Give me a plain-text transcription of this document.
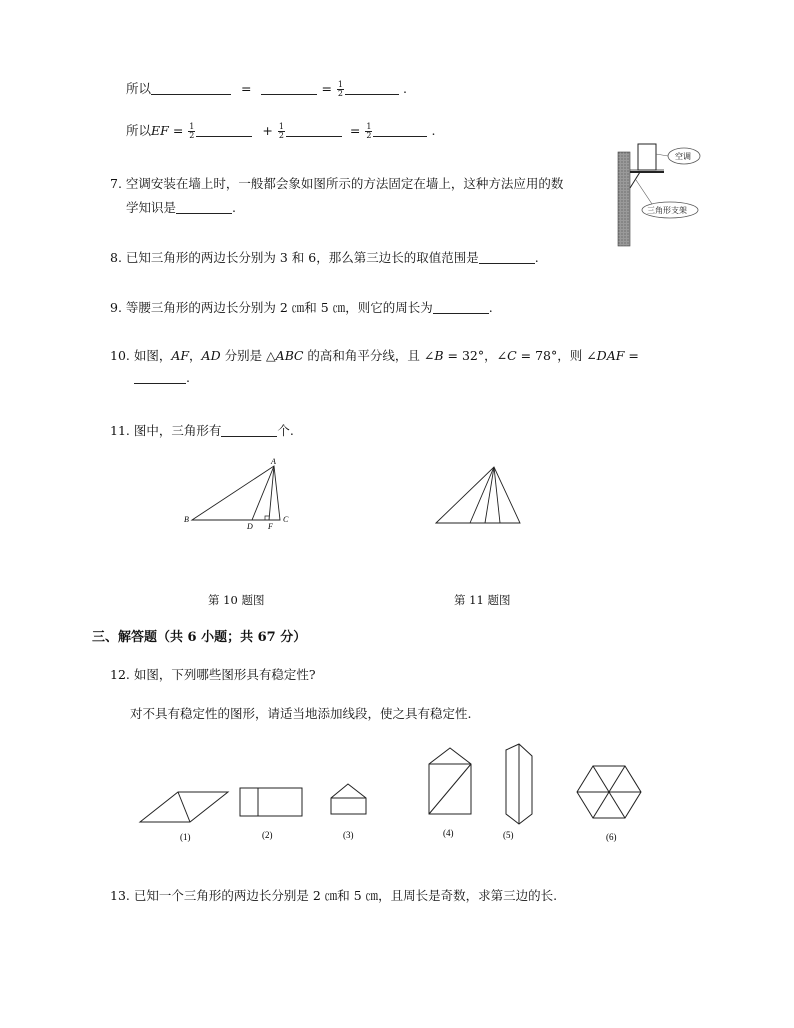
所以	=	= $\frac{1}{2}$	.
所以EF = $\frac{1}{2}$	+ $\frac{1}{2}$	= $\frac{1}{2}$	.
7. 空调安装在墙上时，一般都会象如图所示的方法固定在墙上，这种方法应用的数
学知识是	.
空调
三角形支架
8. 已知三角形的两边长分别为 3 和 6，那么第三边长的取值范围是	.
9. 等腰三角形的两边长分别为 2 ㎝和 5 ㎝，则它的周长为	.
10. 如图，𝐴𝐹，𝐴𝐷 分别是 △𝐴𝐵𝐶 的高和角平分线，且 ∠𝐵 = 32°，∠𝐶 = 78°，则 ∠𝐷𝐴𝐹 =
.
11. 图中，三角形有	个.
A
B	C
D F
第 10 题图	第 11 题图
三、解答题（共 6 小题；共 67 分）
12. 如图，下列哪些图形具有稳定性?
对不具有稳定性的图形，请适当地添加线段，使之具有稳定性.
(1)	(2)	(3)	(4)	(5)	(6)
13. 已知一个三角形的两边长分别是 2 ㎝和 5 ㎝，且周长是奇数，求第三边的长.
